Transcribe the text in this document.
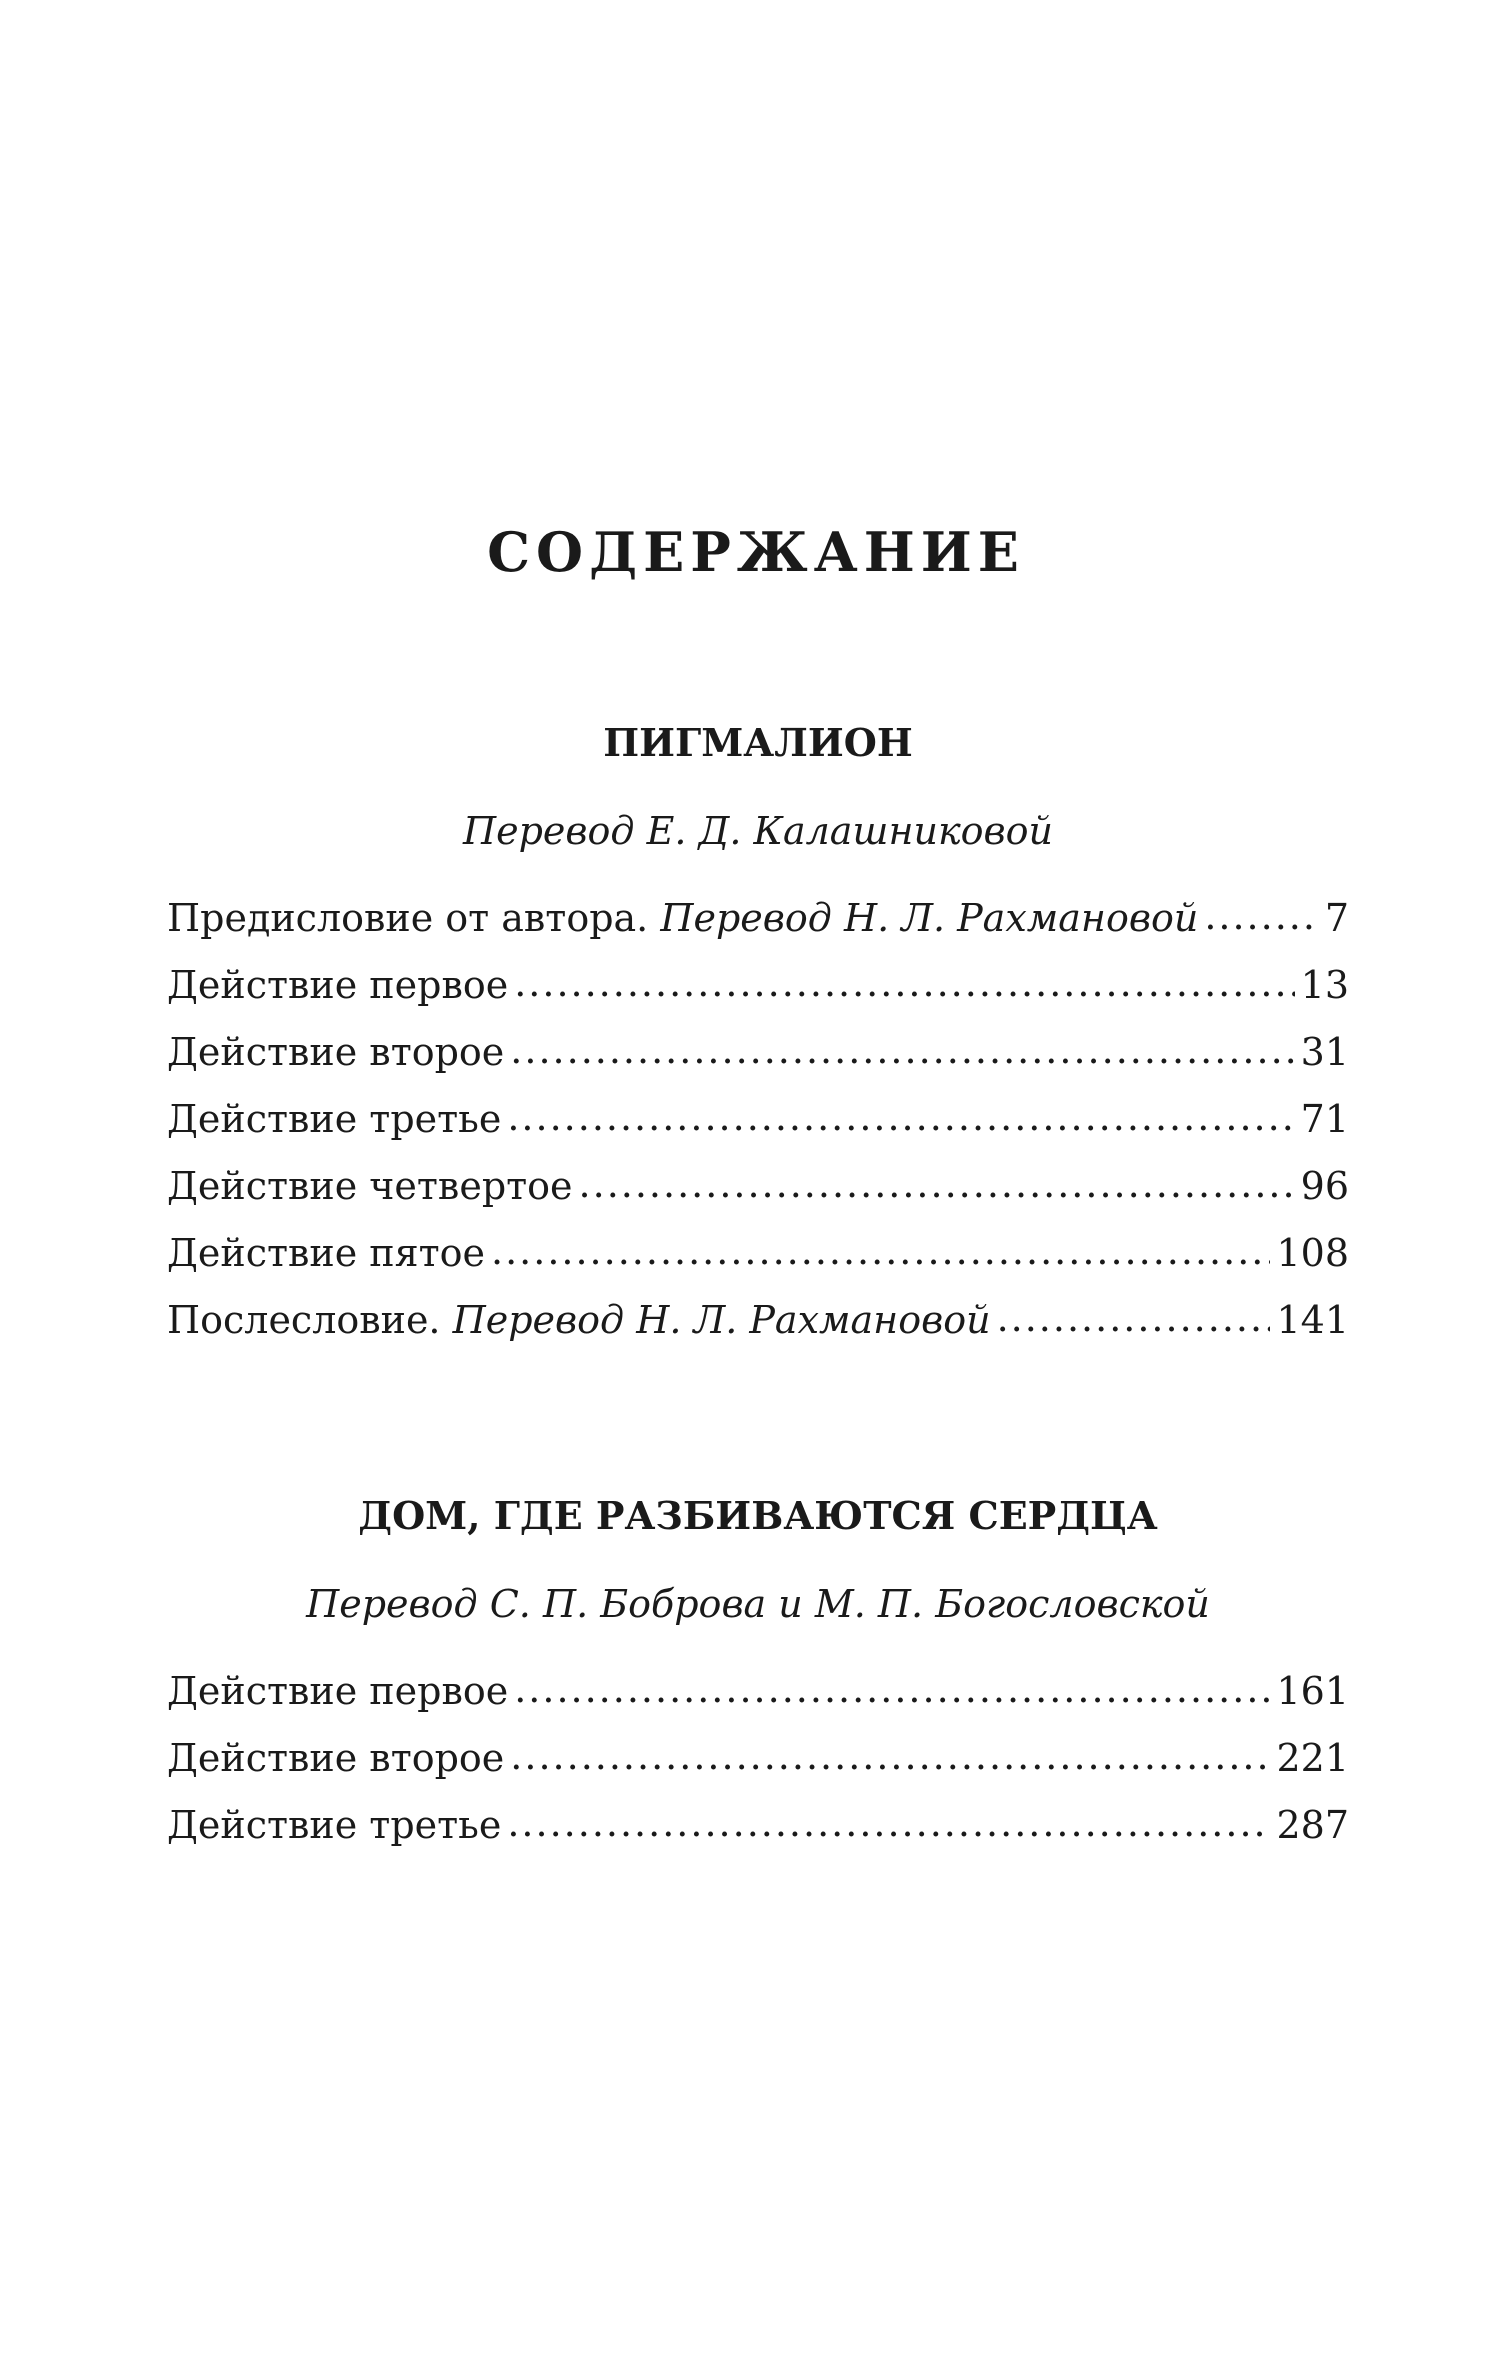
СОДЕРЖАНИЕ
ПИГМАЛИОН
Перевод Е. Д. Калашниковой
Предисловие от автора. Перевод Н. Л. Рахмановой .....	7
Действие первое .....	13
Действие второе .....	31
Действие третье .....	71
Действие четвертое .....	96
Действие пятое .....	108
Послесловие. Перевод Н. Л. Рахмановой .....	141
ДОМ, ГДЕ РАЗБИВАЮТСЯ СЕРДЦА
Перевод С. П. Боброва и М. П. Богословской
Действие первое .....	161
Действие второе .....	221
Действие третье .....	287
